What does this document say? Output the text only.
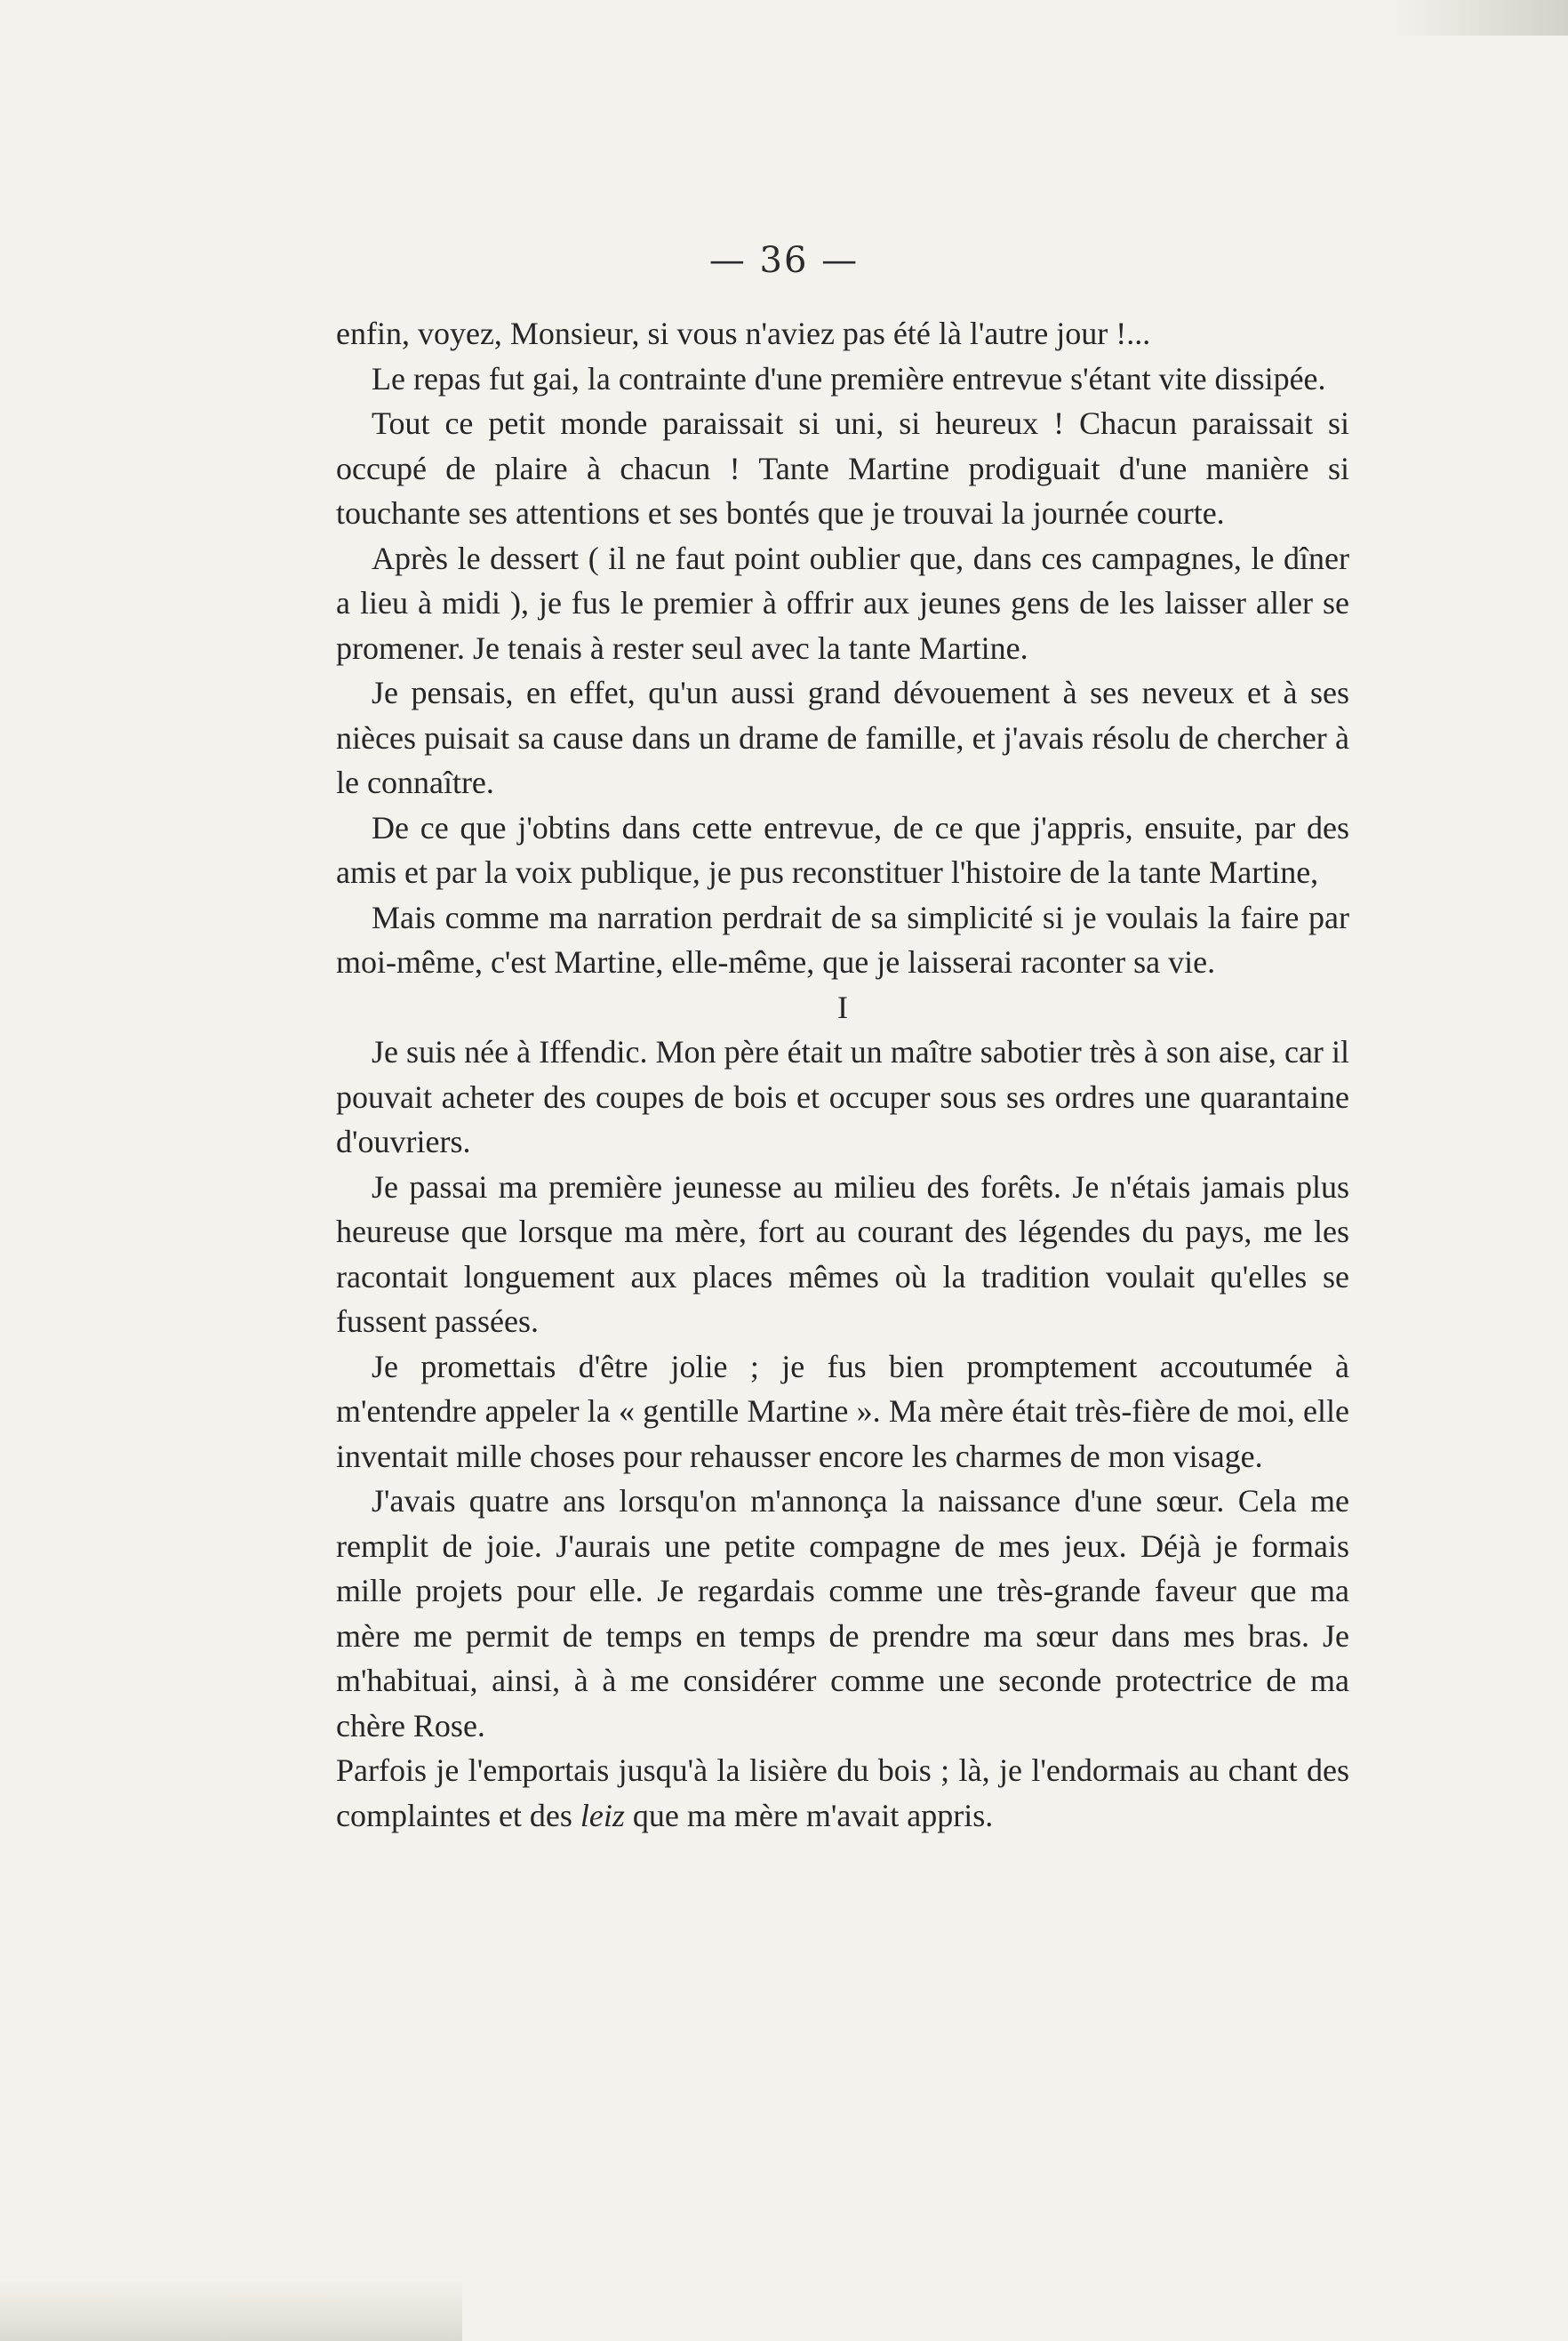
— 36 —

enfin, voyez, Monsieur, si vous n'aviez pas été là l'autre jour !...

Le repas fut gai, la contrainte d'une première entrevue s'étant vite dissipée.

Tout ce petit monde paraissait si uni, si heureux ! Chacun paraissait si occupé de plaire à chacun ! Tante Martine prodiguait d'une manière si touchante ses attentions et ses bontés que je trouvai la journée courte.

Après le dessert ( il ne faut point oublier que, dans ces campagnes, le dîner a lieu à midi ), je fus le premier à offrir aux jeunes gens de les laisser aller se promener. Je tenais à rester seul avec la tante Martine.

Je pensais, en effet, qu'un aussi grand dévouement à ses neveux et à ses nièces puisait sa cause dans un drame de famille, et j'avais résolu de chercher à le connaître.

De ce que j'obtins dans cette entrevue, de ce que j'appris, ensuite, par des amis et par la voix publique, je pus reconstituer l'histoire de la tante Martine,

Mais comme ma narration perdrait de sa simplicité si je voulais la faire par moi-même, c'est Martine, elle-même, que je laisserai raconter sa vie.

I

Je suis née à Iffendic. Mon père était un maître sabotier très à son aise, car il pouvait acheter des coupes de bois et occuper sous ses ordres une quarantaine d'ouvriers.

Je passai ma première jeunesse au milieu des forêts. Je n'étais jamais plus heureuse que lorsque ma mère, fort au courant des légendes du pays, me les racontait longuement aux places mêmes où la tradition voulait qu'elles se fussent passées.

Je promettais d'être jolie ; je fus bien promptement accoutumée à m'entendre appeler la « gentille Martine ». Ma mère était très-fière de moi, elle inventait mille choses pour rehausser encore les charmes de mon visage.

J'avais quatre ans lorsqu'on m'annonça la naissance d'une sœur. Cela me remplit de joie. J'aurais une petite compagne de mes jeux. Déjà je formais mille projets pour elle. Je regardais comme une très-grande faveur que ma mère me permit de temps en temps de prendre ma sœur dans mes bras. Je m'habituai, ainsi, à à me considérer comme une seconde protectrice de ma chère Rose.

Parfois je l'emportais jusqu'à la lisière du bois ; là, je l'endormais au chant des complaintes et des leiz que ma mère m'avait appris.
